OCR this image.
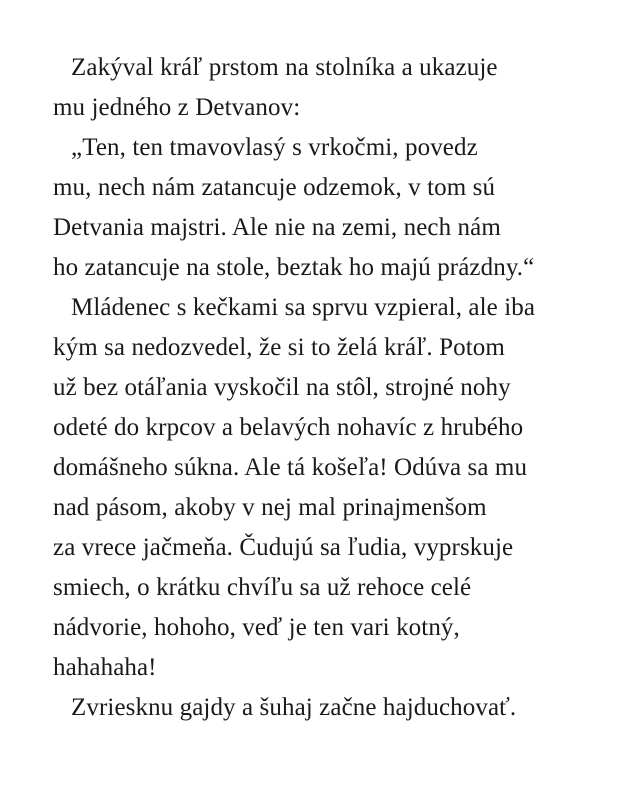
Zakýval kráľ prstom na stolníka a ukazuje
mu jedného z Detvanov:
„Ten, ten tmavovlasý s vrkočmi, povedz
mu, nech nám zatancuje odzemok, v tom sú
Detvania majstri. Ale nie na zemi, nech nám
ho zatancuje na stole, beztak ho majú prázdny.“
Mládenec s kečkami sa sprvu vzpieral, ale iba
kým sa nedozvedel, že si to želá kráľ. Potom
už bez otáľania vyskočil na stôl, strojné nohy
odeté do krpcov a belavých nohavíc z hrubého
domášneho súkna. Ale tá košeľa! Odúva sa mu
nad pásom, akoby v nej mal prinajmenšom
za vrece jačmeňa. Čudujú sa ľudia, vyprskuje
smiech, o krátku chvíľu sa už rehoce celé
nádvorie, hohoho, veď je ten vari kotný,
hahahaha!
Zvriesknu gajdy a šuhaj začne hajduchovať.
